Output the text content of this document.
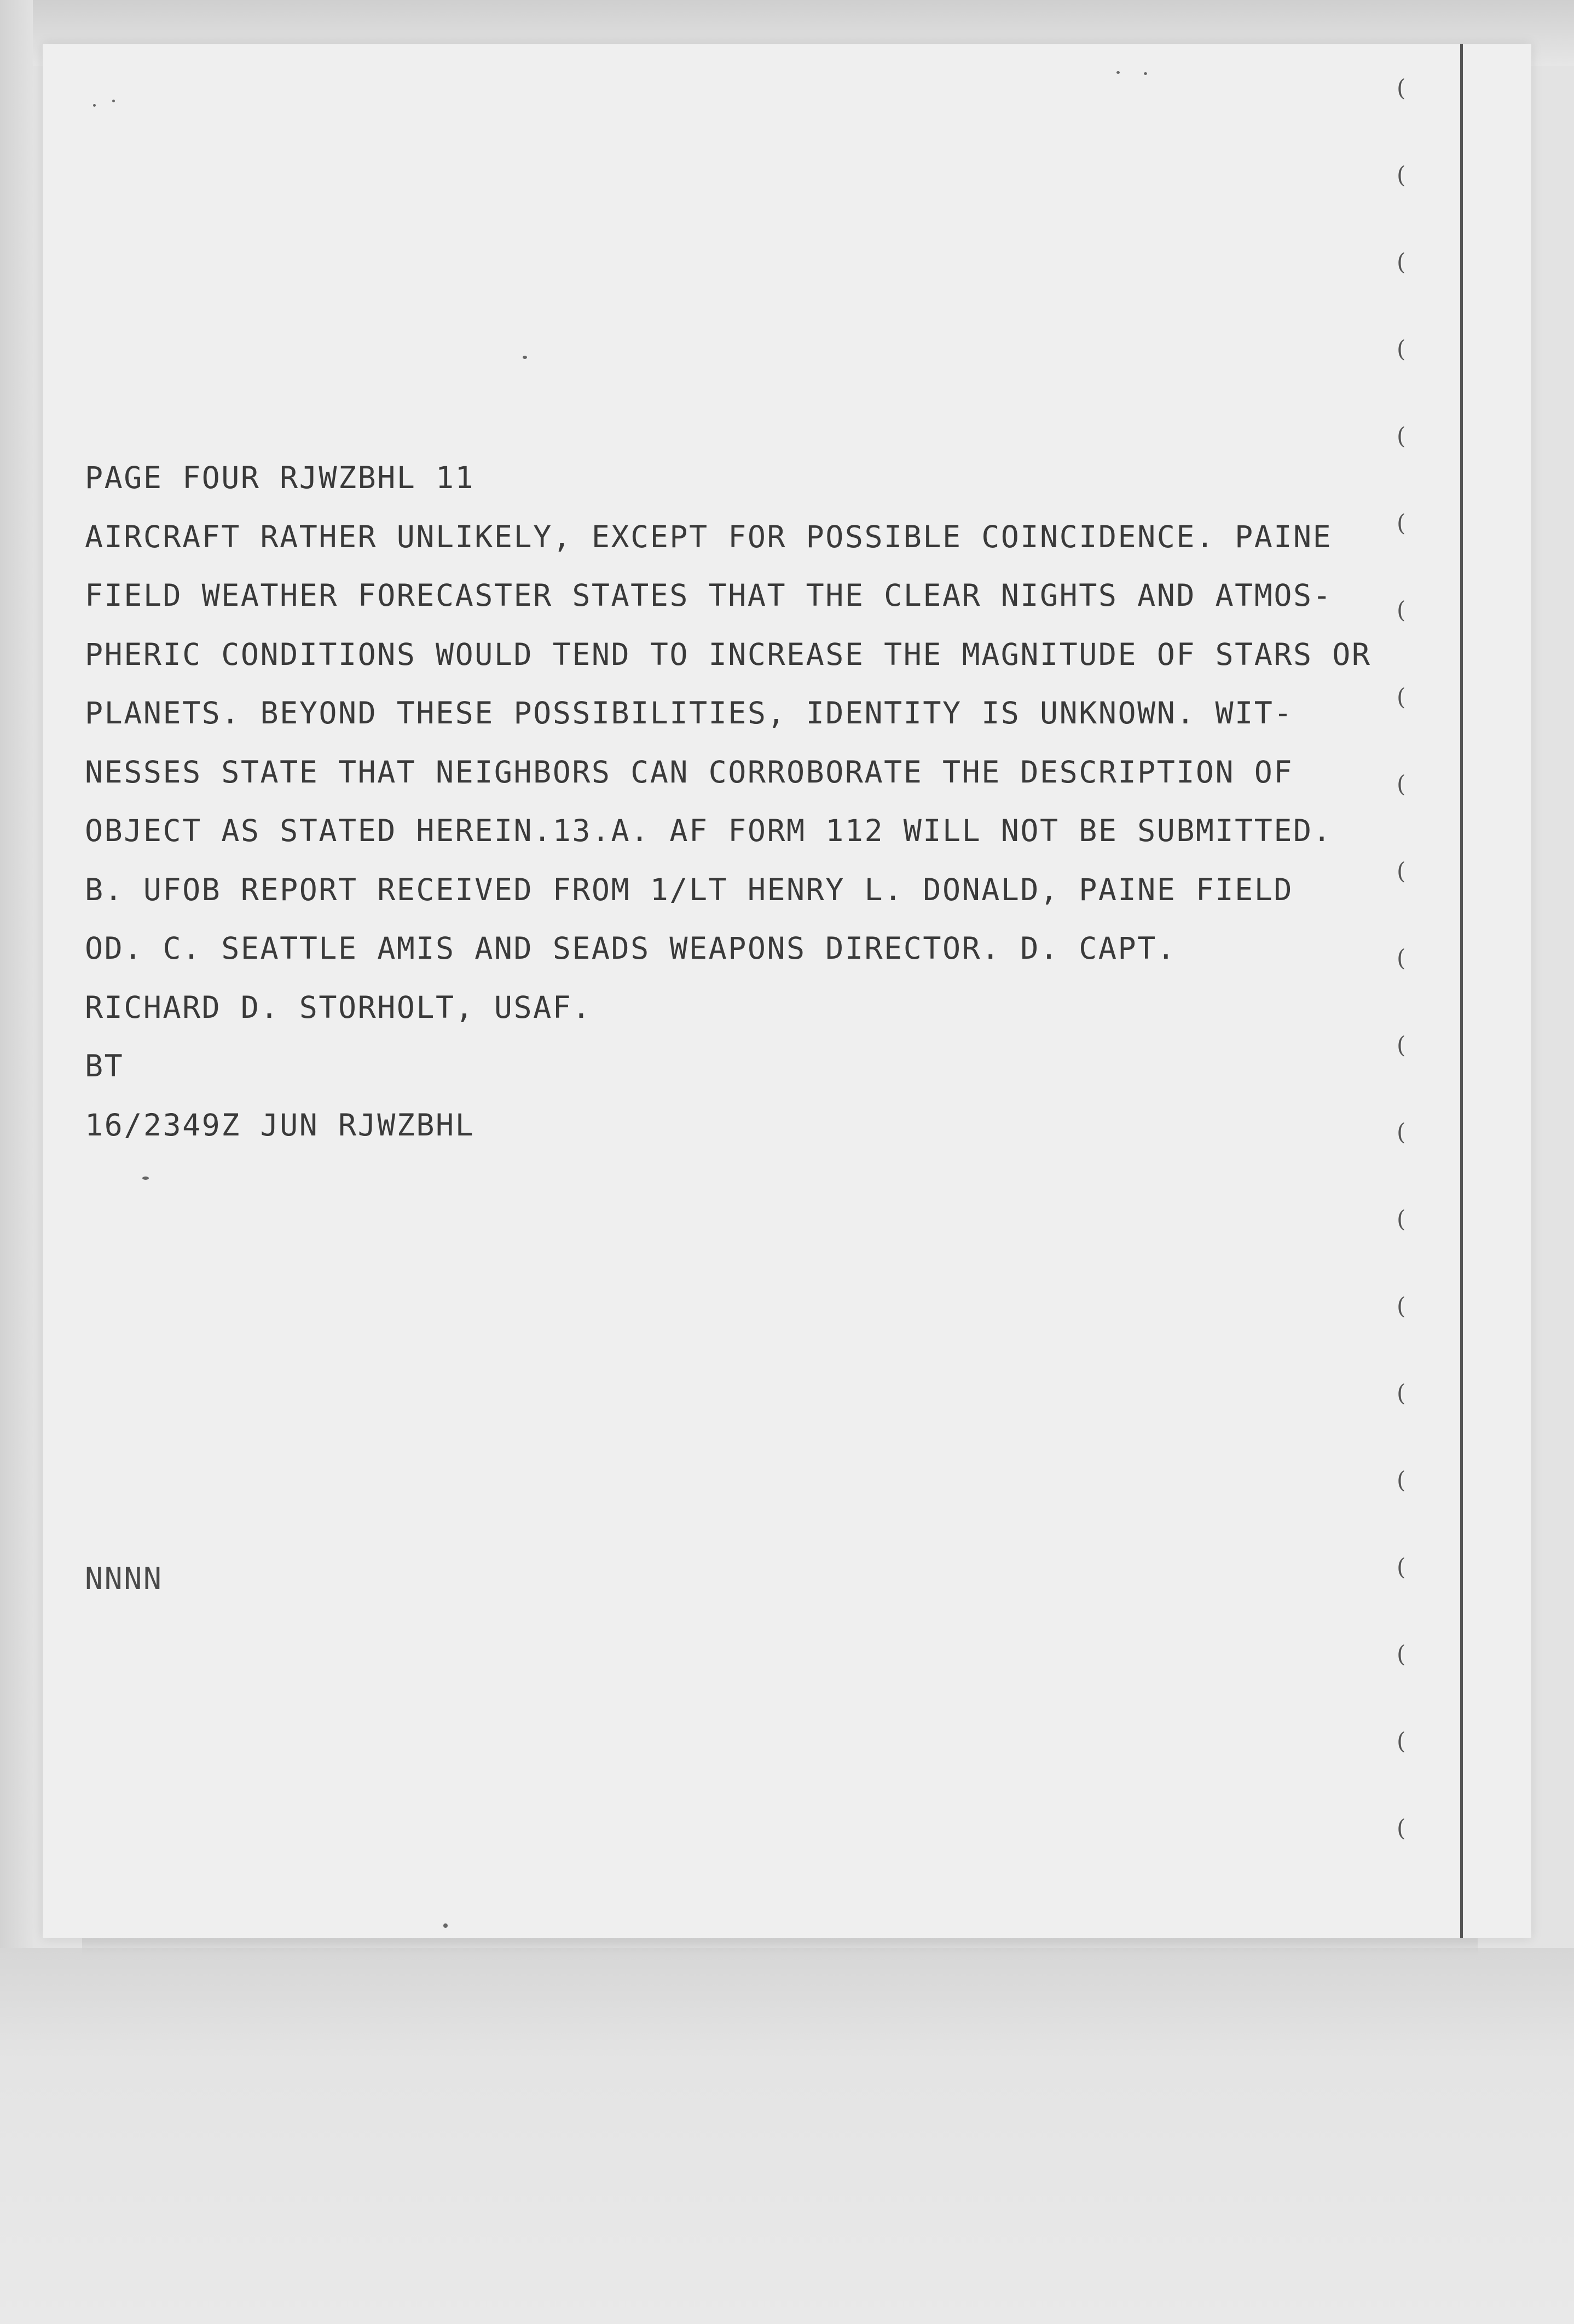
(
(
(
(
(
(
(
(
(
(
(
(
(
(
(
(
(
(
(
(
(
PAGE FOUR RJWZBHL 11
AIRCRAFT RATHER UNLIKELY, EXCEPT FOR POSSIBLE COINCIDENCE. PAINE
FIELD WEATHER FORECASTER STATES THAT THE CLEAR NIGHTS AND ATMOS-
PHERIC CONDITIONS WOULD TEND TO INCREASE THE MAGNITUDE OF STARS OR
PLANETS. BEYOND THESE POSSIBILITIES, IDENTITY IS UNKNOWN. WIT-
NESSES STATE THAT NEIGHBORS CAN CORROBORATE THE DESCRIPTION OF
OBJECT AS STATED HEREIN.13.A. AF FORM 112 WILL NOT BE SUBMITTED.
B. UFOB REPORT RECEIVED FROM 1/LT HENRY L. DONALD, PAINE FIELD
OD. C. SEATTLE AMIS AND SEADS WEAPONS DIRECTOR. D. CAPT.
RICHARD D. STORHOLT, USAF.
BT
16/2349Z JUN RJWZBHL
NNNN
